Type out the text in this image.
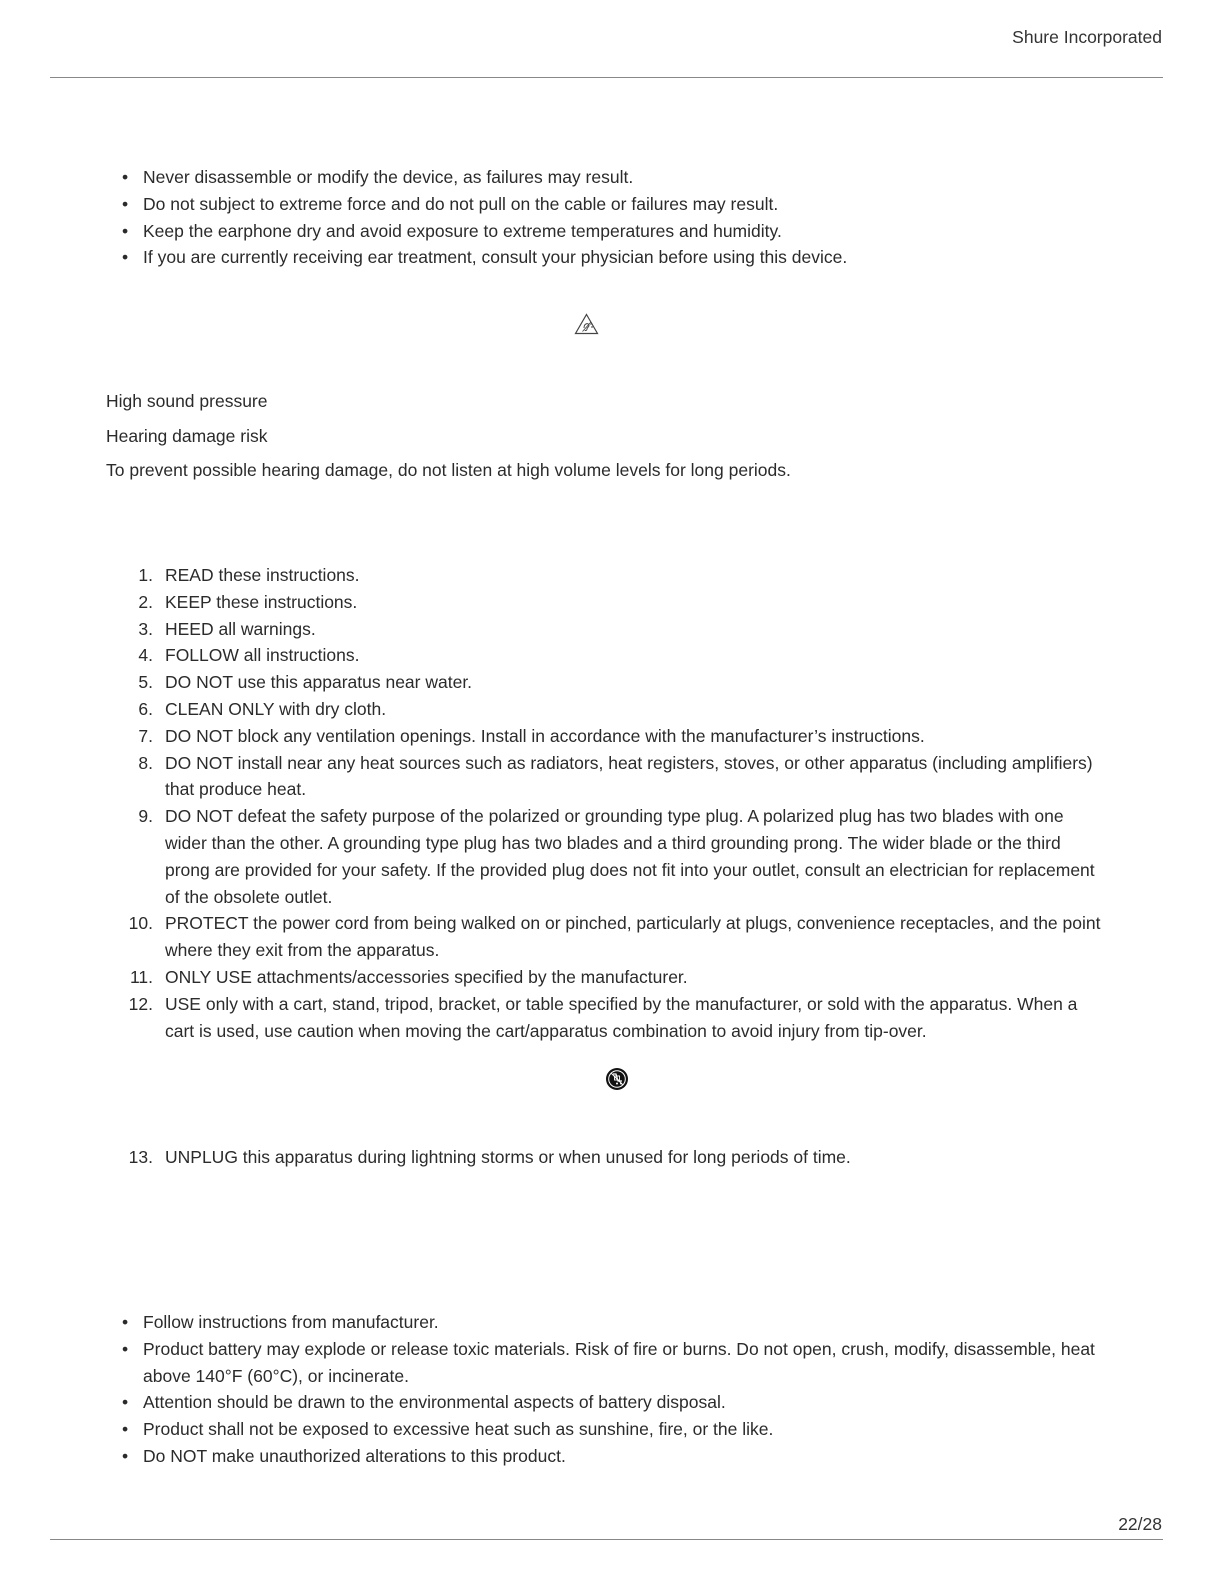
Shure Incorporated
• Never disassemble or modify the device, as failures may result.
• Do not subject to extreme force and do not pull on the cable or failures may result.
• Keep the earphone dry and avoid exposure to extreme temperatures and humidity.
• If you are currently receiving ear treatment, consult your physician before using this device.
High sound pressure
Hearing damage risk
To prevent possible hearing damage, do not listen at high volume levels for long periods.
1. READ these instructions.
2. KEEP these instructions.
3. HEED all warnings.
4. FOLLOW all instructions.
5. DO NOT use this apparatus near water.
6. CLEAN ONLY with dry cloth.
7. DO NOT block any ventilation openings. Install in accordance with the manufacturer’s instructions.
8. DO NOT install near any heat sources such as radiators, heat registers, stoves, or other apparatus (including amplifiers) that produce heat.
9. DO NOT defeat the safety purpose of the polarized or grounding type plug. A polarized plug has two blades with one wider than the other. A grounding type plug has two blades and a third grounding prong. The wider blade or the third prong are provided for your safety. If the provided plug does not fit into your outlet, consult an electrician for replacement of the obsolete outlet.
10. PROTECT the power cord from being walked on or pinched, particularly at plugs, convenience receptacles, and the point where they exit from the apparatus.
11. ONLY USE attachments/accessories specified by the manufacturer.
12. USE only with a cart, stand, tripod, bracket, or table specified by the manufacturer, or sold with the apparatus. When a cart is used, use caution when moving the cart/apparatus combination to avoid injury from tip-over.
13. UNPLUG this apparatus during lightning storms or when unused for long periods of time.
• Follow instructions from manufacturer.
• Product battery may explode or release toxic materials. Risk of fire or burns. Do not open, crush, modify, disassemble, heat above 140°F (60°C), or incinerate.
• Attention should be drawn to the environmental aspects of battery disposal.
• Product shall not be exposed to excessive heat such as sunshine, fire, or the like.
• Do NOT make unauthorized alterations to this product.
22/28
